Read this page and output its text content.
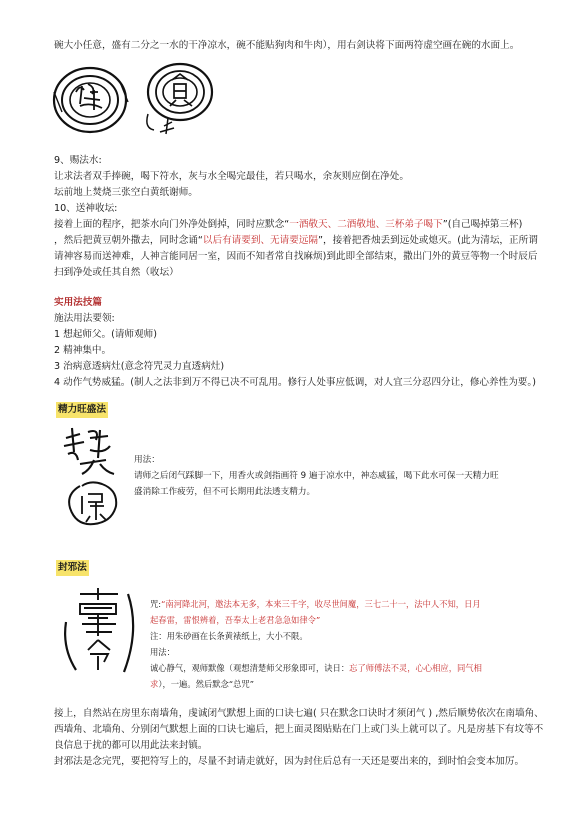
碗大小任意，盛有二分之一水的干净凉水，碗不能贴狗肉和牛肉），用右剑诀将下面两符虚空画在碗的水面上。
9、赐法水:
让求法者双手捧碗，喝下符水，灰与水全喝完最佳，若只喝水，余灰则应倒在净处。
坛前地上焚烧三张空白黄纸谢师。
10、送神收坛:
接着上面的程序，把茶水向门外净处倒掉，同时应默念“一酒敬天、二酒敬地、三杯弟子喝下”(自己喝掉第三杯)
，然后把黄豆朝外撒去，同时念诵“以后有请要到、无请要远隔”，接着把香烛丢到远处或熄灭。(此为清坛，正所谓
请神容易而送神难，人神言能同居一室，因而不知者常自找麻烦)到此即全部结束，撒出门外的黄豆等物一个时辰后
扫到净处或任其自然（收坛）
实用法技篇
施法用法要领:
1 想起师父。(请师观师)
2 精神集中。
3 治病意透病灶(意念符咒灵力直透病灶)
4 动作气势威猛。(制人之法非到万不得已决不可乱用。修行人处事应低调，对人宜三分忍四分让，修心养性为要。)
精力旺盛法
用法：
请师之后闭气踩脚一下，用香火或剑指画符 9 遍于凉水中，神态威猛，喝下此水可保一天精力旺
盛消除工作疲劳，但不可长期用此法透支精力。
封邪法
咒:“南河降北河，邀法本无多，本来三千字，收尽世间魔，三七二十一，法中人不知，日月
起春雷，雷恨辨着，吾奉太上老君急急如律令”
注：用朱砂画在长条黄裱纸上，大小不限。
用法：
诚心静气，观师默像（观想清楚师父形象即可，诀日：忘了师傅法不灵，心心相应，同气相
求），一遍。然后默念“总咒”
接上，自然站在房里东南墙角，虔诚闭气默想上面的口诀七遍( 只在默念口诀时才须闭气 ) ,然后顺势依次在南墙角、
西墙角、北墙角、分别闭气默想上面的口诀七遍后，把上面灵图贴贴在门上或门头上就可以了。凡是房基下有坟等不
良信息于扰的都可以用此法来封镇。
封邪法是念完咒，要把符写上的，尽量不封请走就好，因为封住后总有一天还是要出来的，到时怕会变本加厉。
